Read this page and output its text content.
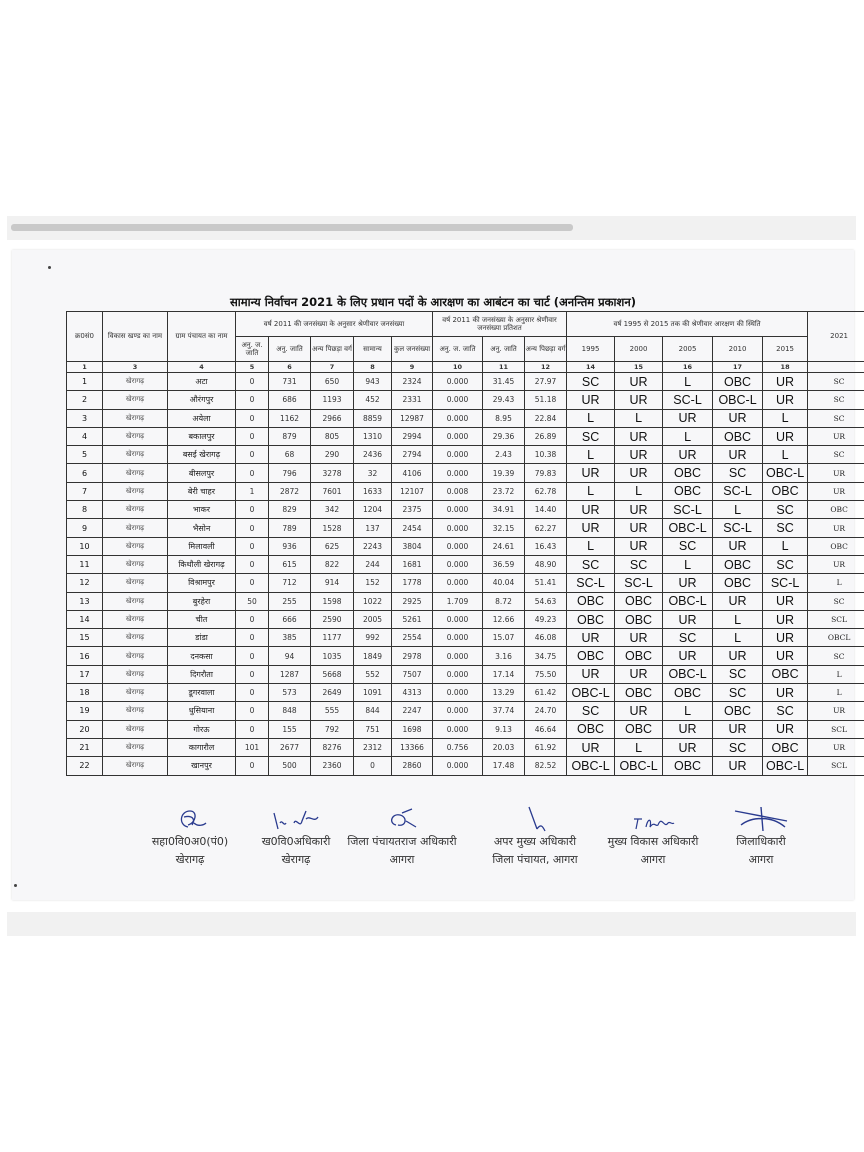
सामान्य निर्वाचन 2021 के लिए प्रधान पदों के आरक्षण का आबंटन का चार्ट (अनन्तिम प्रकाशन)
क्र0सं0	विकास खण्ड का नाम	ग्राम पंचायत का नाम	वर्ष 2011 की जनसंख्या के अनुसार श्रेणीवार जनसंख्या					वर्ष 2011 की जनसंख्या के अनुसार श्रेणीवार जनसंख्या प्रतिशत			वर्ष 1995 से 2015 तक की श्रेणीवार आरक्षण की स्थिति					2021
			अनु. ज. जाति	अनु. जाति	अन्य पिछड़ा वर्ग	सामान्य	कुल जनसंख्या	अनु. ज. जाति	अनु. जाति	अन्य पिछड़ा वर्ग	1995	2000	2005	2010	2015	
1	3	4	5	6	7	8	9	10	11	12	14	15	16	17	18	
1	खेरागढ़	अटा	0	731	650	943	2324	0.000	31.45	27.97	SC	UR	L	OBC	UR	SC
2	खेरागढ़	औरंगपुर	0	686	1193	452	2331	0.000	29.43	51.18	UR	UR	SC-L	OBC-L	UR	SC
3	खेरागढ़	अयेला	0	1162	2966	8859	12987	0.000	8.95	22.84	L	L	UR	UR	L	SC
4	खेरागढ़	बकालपुर	0	879	805	1310	2994	0.000	29.36	26.89	SC	UR	L	OBC	UR	UR
5	खेरागढ़	बसई खेरागढ़	0	68	290	2436	2794	0.000	2.43	10.38	L	UR	UR	UR	L	SC
6	खेरागढ़	बीसलपुर	0	796	3278	32	4106	0.000	19.39	79.83	UR	UR	OBC	SC	OBC-L	UR
7	खेरागढ़	बेरी चाहर	1	2872	7601	1633	12107	0.008	23.72	62.78	L	L	OBC	SC-L	OBC	UR
8	खेरागढ़	भाकर	0	829	342	1204	2375	0.000	34.91	14.40	UR	UR	SC-L	L	SC	OBC
9	खेरागढ़	भैसोन	0	789	1528	137	2454	0.000	32.15	62.27	UR	UR	OBC-L	SC-L	SC	UR
10	खेरागढ़	मिलावली	0	936	625	2243	3804	0.000	24.61	16.43	L	UR	SC	UR	L	OBC
11	खेरागढ़	किथौली खेरागढ़	0	615	822	244	1681	0.000	36.59	48.90	SC	SC	L	OBC	SC	UR
12	खेरागढ़	विश्रामपुर	0	712	914	152	1778	0.000	40.04	51.41	SC-L	SC-L	UR	OBC	SC-L	L
13	खेरागढ़	बुरहेरा	50	255	1598	1022	2925	1.709	8.72	54.63	OBC	OBC	OBC-L	UR	UR	SC
14	खेरागढ़	चीत	0	666	2590	2005	5261	0.000	12.66	49.23	OBC	OBC	UR	L	UR	SCL
15	खेरागढ़	डांडा	0	385	1177	992	2554	0.000	15.07	46.08	UR	UR	SC	L	UR	OBCL
16	खेरागढ़	दनकसा	0	94	1035	1849	2978	0.000	3.16	34.75	OBC	OBC	UR	UR	UR	SC
17	खेरागढ़	दिगरौता	0	1287	5668	552	7507	0.000	17.14	75.50	UR	UR	OBC-L	SC	OBC	L
18	खेरागढ़	डूगरवाला	0	573	2649	1091	4313	0.000	13.29	61.42	OBC-L	OBC	OBC	SC	UR	L
19	खेरागढ़	धुसियाना	0	848	555	844	2247	0.000	37.74	24.70	SC	UR	L	OBC	SC	UR
20	खेरागढ़	गोरऊ	0	155	792	751	1698	0.000	9.13	46.64	OBC	OBC	UR	UR	UR	SCL
21	खेरागढ़	कागारौल	101	2677	8276	2312	13366	0.756	20.03	61.92	UR	L	UR	SC	OBC	UR
22	खेरागढ़	खानपुर	0	500	2360	0	2860	0.000	17.48	82.52	OBC-L	OBC-L	OBC	UR	OBC-L	SCL
सहा0वि0अ0(पं0)
खेरागढ़
ख0वि0अधिकारी
खेरागढ़
जिला पंचायतराज अधिकारी
आगरा
अपर मुख्य अधिकारी
जिला पंचायत, आगरा
मुख्य विकास अधिकारी
आगरा
जिलाधिकारी
आगरा
